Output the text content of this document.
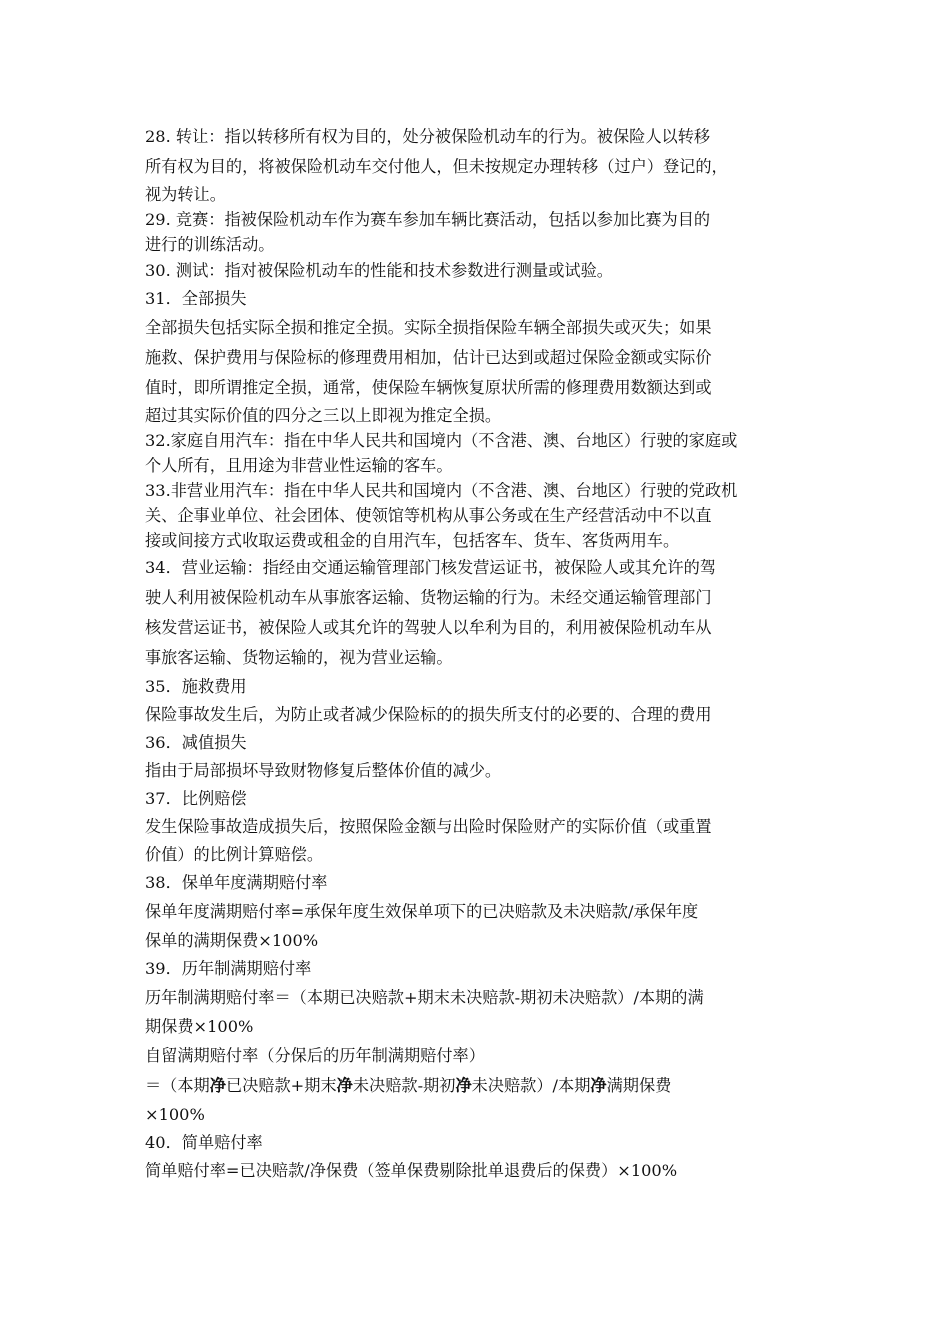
28. 转让：指以转移所有权为目的，处分被保险机动车的行为。被保险人以转移
所有权为目的，将被保险机动车交付他人，但未按规定办理转移（过户）登记的，
视为转让。
29. 竞赛：指被保险机动车作为赛车参加车辆比赛活动，包括以参加比赛为目的
进行的训练活动。
30. 测试：指对被保险机动车的性能和技术参数进行测量或试验。
31．全部损失
全部损失包括实际全损和推定全损。实际全损指保险车辆全部损失或灭失；如果
施救、保护费用与保险标的修理费用相加，估计已达到或超过保险金额或实际价
值时，即所谓推定全损，通常，使保险车辆恢复原状所需的修理费用数额达到或
超过其实际价值的四分之三以上即视为推定全损。
32.家庭自用汽车：指在中华人民共和国境内（不含港、澳、台地区）行驶的家庭或
个人所有，且用途为非营业性运输的客车。
33.非营业用汽车：指在中华人民共和国境内（不含港、澳、台地区）行驶的党政机
关、企事业单位、社会团体、使领馆等机构从事公务或在生产经营活动中不以直
接或间接方式收取运费或租金的自用汽车，包括客车、货车、客货两用车。
34．营业运输：指经由交通运输管理部门核发营运证书，被保险人或其允许的驾
驶人利用被保险机动车从事旅客运输、货物运输的行为。未经交通运输管理部门
核发营运证书，被保险人或其允许的驾驶人以牟利为目的，利用被保险机动车从
事旅客运输、货物运输的，视为营业运输。
35．施救费用
保险事故发生后，为防止或者减少保险标的的损失所支付的必要的、合理的费用
36．减值损失
指由于局部损坏导致财物修复后整体价值的减少。
37．比例赔偿
发生保险事故造成损失后，按照保险金额与出险时保险财产的实际价值（或重置
价值）的比例计算赔偿。
38．保单年度满期赔付率
保单年度满期赔付率=承保年度生效保单项下的已决赔款及未决赔款/承保年度
保单的满期保费×100%
39．历年制满期赔付率
历年制满期赔付率＝（本期已决赔款+期末未决赔款-期初未决赔款）/本期的满
期保费×100%
自留满期赔付率（分保后的历年制满期赔付率）
＝（本期净已决赔款+期末净未决赔款-期初净未决赔款）/本期净满期保费
×100%
40．简单赔付率
简单赔付率=已决赔款/净保费（签单保费剔除批单退费后的保费）×100%
